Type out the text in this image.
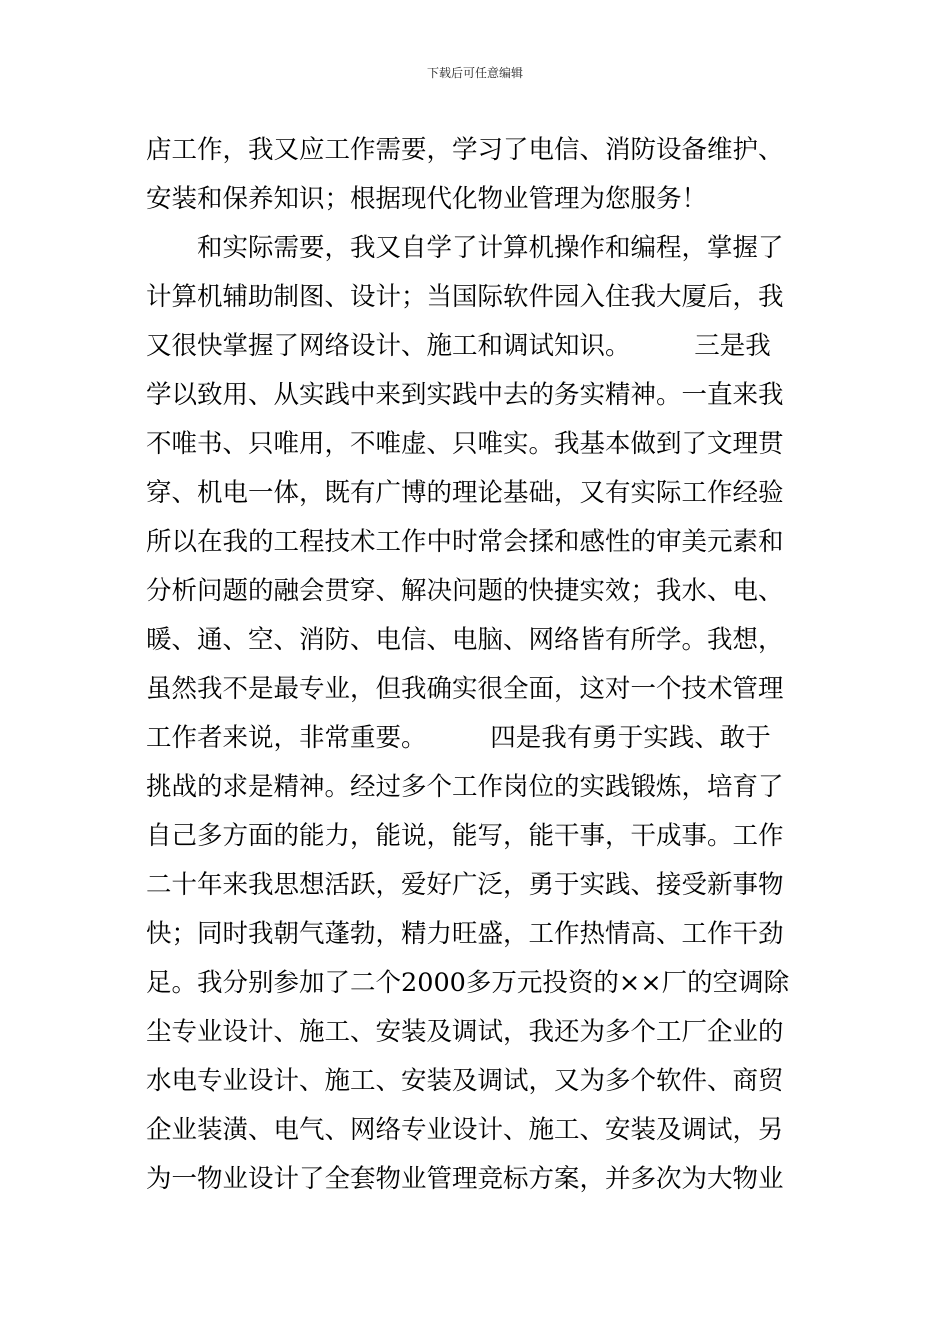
下载后可任意编辑
店工作，我又应工作需要，学习了电信、消防设备维护、
安装和保养知识；根据现代化物业管理为您服务！
　　和实际需要，我又自学了计算机操作和编程，掌握了
计算机辅助制图、设计；当国际软件园入住我大厦后，我
又很快掌握了网络设计、施工和调试知识。　　　三是我
学以致用、从实践中来到实践中去的务实精神。一直来我
不唯书、只唯用，不唯虚、只唯实。我基本做到了文理贯
穿、机电一体，既有广博的理论基础，又有实际工作经验
所以在我的工程技术工作中时常会揉和感性的审美元素和
分析问题的融会贯穿、解决问题的快捷实效；我水、电、
暖、通、空、消防、电信、电脑、网络皆有所学。我想，
虽然我不是最专业，但我确实很全面，这对一个技术管理
工作者来说，非常重要。　　　四是我有勇于实践、敢于
挑战的求是精神。经过多个工作岗位的实践锻炼，培育了
自己多方面的能力，能说，能写，能干事，干成事。工作
二十年来我思想活跃，爱好广泛，勇于实践、接受新事物
快；同时我朝气蓬勃，精力旺盛，工作热情高、工作干劲
足。我分别参加了二个2000多万元投资的××厂的空调除
尘专业设计、施工、安装及调试，我还为多个工厂企业的
水电专业设计、施工、安装及调试，又为多个软件、商贸
企业装潢、电气、网络专业设计、施工、安装及调试，另
为一物业设计了全套物业管理竞标方案，并多次为大物业
